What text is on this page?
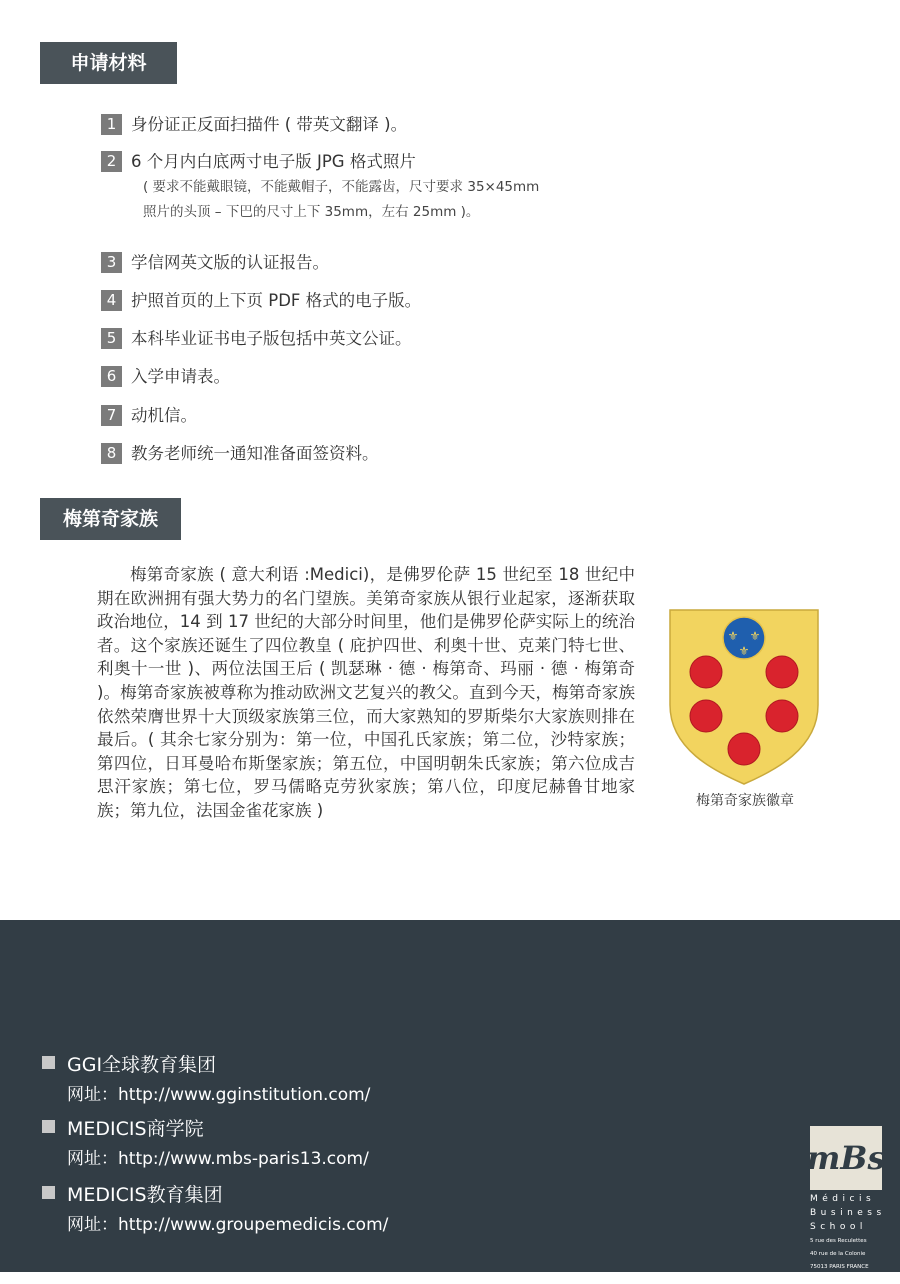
申请材料
1 身份证正反面扫描件 ( 带英文翻译 )。
2 6 个月内白底两寸电子版 JPG 格式照片
( 要求不能戴眼镜，不能戴帽子，不能露齿，尺寸要求 35×45mm
照片的头顶 – 下巴的尺寸上下 35mm，左右 25mm )。
3 学信网英文版的认证报告。
4 护照首页的上下页 PDF 格式的电子版。
5 本科毕业证书电子版包括中英文公证。
6 入学申请表。
7 动机信。
8 教务老师统一通知准备面签资料。
梅第奇家族

梅第奇家族 ( 意大利语 :Medici)，是佛罗伦萨 15 世纪至 18 世纪中期在欧洲拥有强大势力的名门望族。美第奇家族从银行业起家，逐渐获取政治地位，14 到 17 世纪的大部分时间里，他们是佛罗伦萨实际上的统治者。这个家族还诞生了四位教皇 ( 庇护四世、利奥十世、克莱门特七世、利奥十一世 )、两位法国王后 ( 凯瑟琳 · 德 · 梅第奇、玛丽 · 德 · 梅第奇 )。梅第奇家族被尊称为推动欧洲文艺复兴的教父。直到今天，梅第奇家族依然荣膺世界十大顶级家族第三位，而大家熟知的罗斯柴尔大家族则排在最后。( 其余七家分别为：第一位，中国孔氏家族；第二位，沙特家族；第四位，日耳曼哈布斯堡家族；第五位，中国明朝朱氏家族；第六位成吉思汗家族；第七位，罗马儒略克劳狄家族；第八位，印度尼赫鲁甘地家族；第九位，法国金雀花家族 )

⚜ ⚜
⚜
梅第奇家族徽章
GGI全球教育集团
网址：http://www.gginstitution.com/
MEDICIS商学院
网址：http://www.mbs-paris13.com/
MEDICIS教育集团
网址：http://www.groupemedicis.com/
mBs
Médicis
Business
School
5 rue des Reculettes
40 rue de la Colonie
75013 PARIS FRANCE
Tél. : +33 (0)1 45 35 20 20
